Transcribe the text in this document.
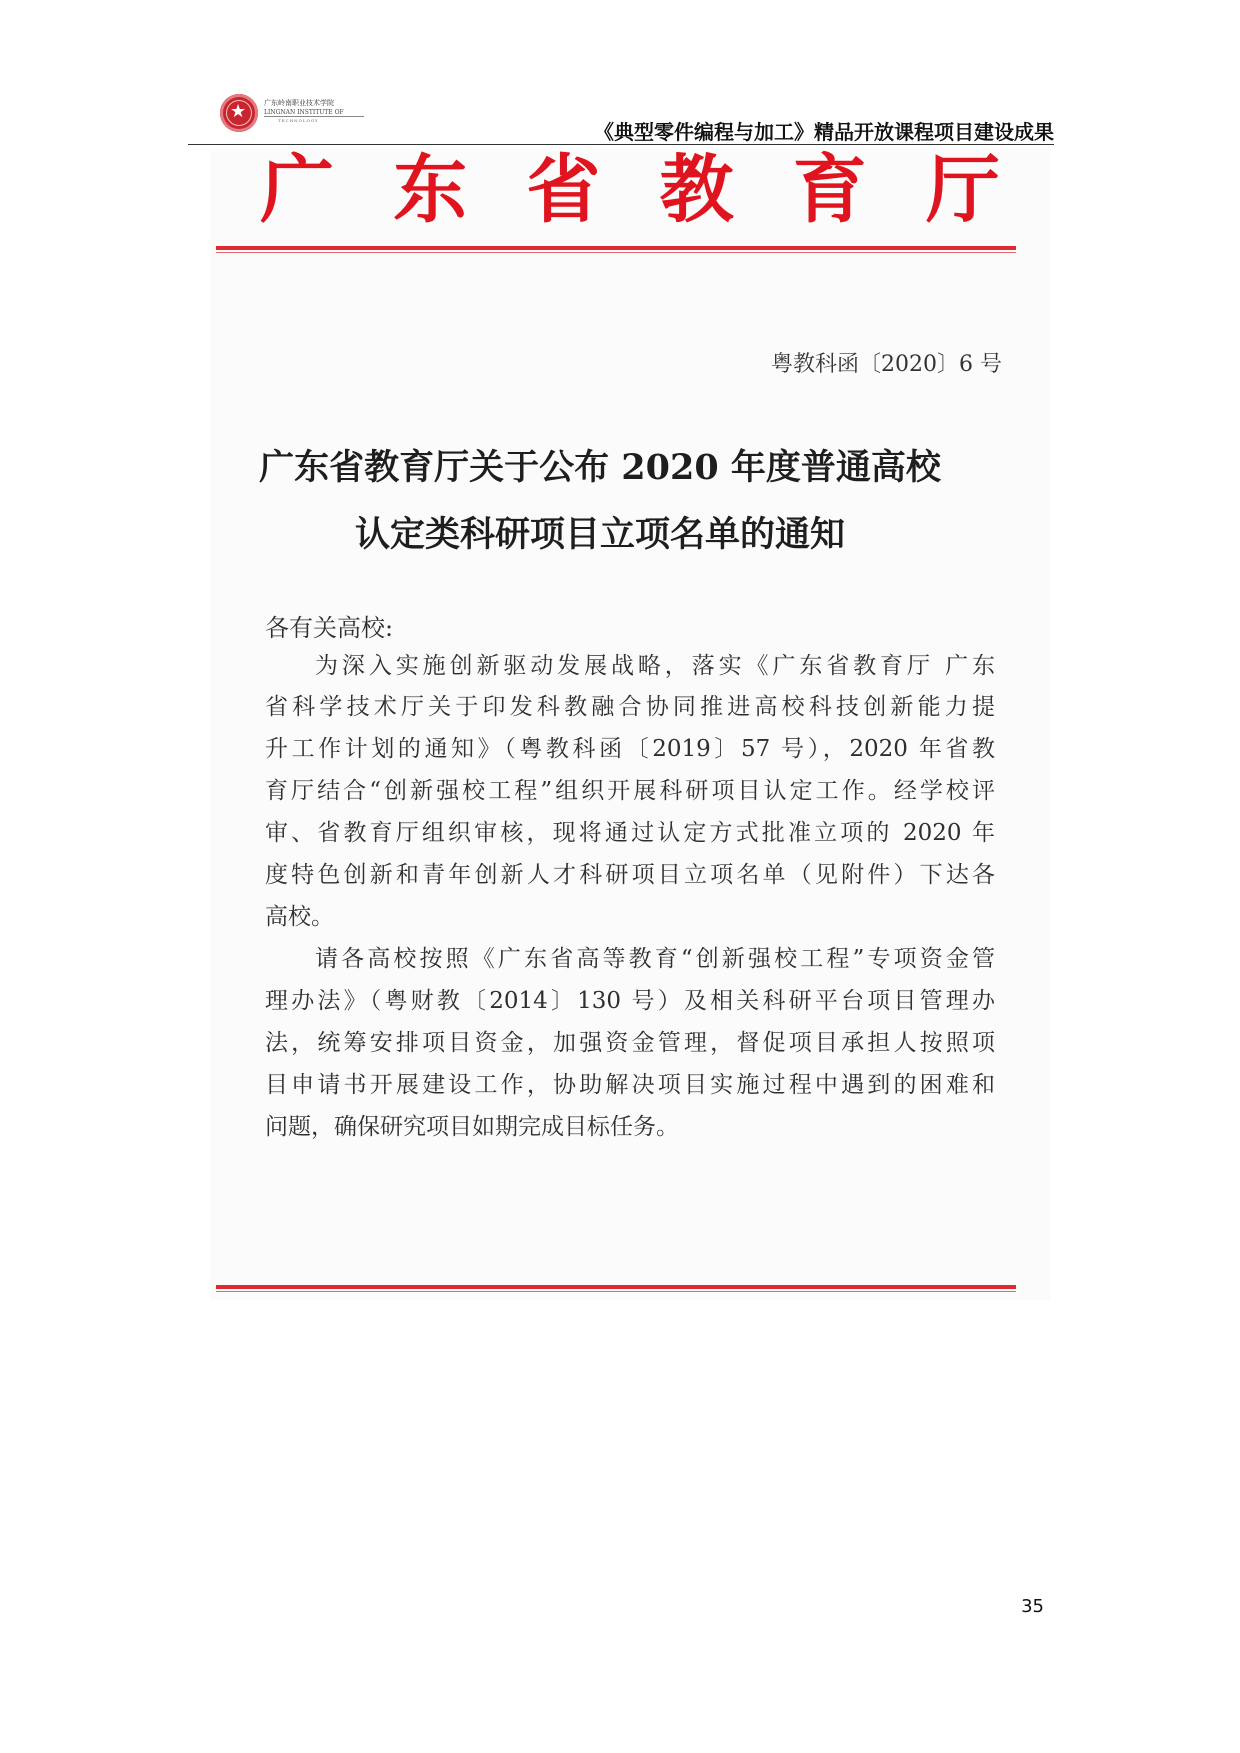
★	广东岭南职业技术学院
LINGNAN INSTITUTE OF
TECHNOLOGY	《典型零件编程与加工》精品开放课程项目建设成果
广 东 省 教 育 厅
粤教科函〔2020〕6 号
广东省教育厅关于公布 2020 年度普通高校
认定类科研项目立项名单的通知
各有关高校:
为深入实施创新驱动发展战略，落实《广东省教育厅 广东
省科学技术厅关于印发科教融合协同推进高校科技创新能力提
升工作计划的通知》（粤教科函〔2019〕57 号），2020 年省教
育厅结合“创新强校工程”组织开展科研项目认定工作。经学校评
审、省教育厅组织审核，现将通过认定方式批准立项的 2020 年
度特色创新和青年创新人才科研项目立项名单（见附件）下达各
高校。
请各高校按照《广东省高等教育“创新强校工程”专项资金管
理办法》（粤财教〔2014〕130 号）及相关科研平台项目管理办
法，统筹安排项目资金，加强资金管理，督促项目承担人按照项
目申请书开展建设工作，协助解决项目实施过程中遇到的困难和
问题，确保研究项目如期完成目标任务。
35
